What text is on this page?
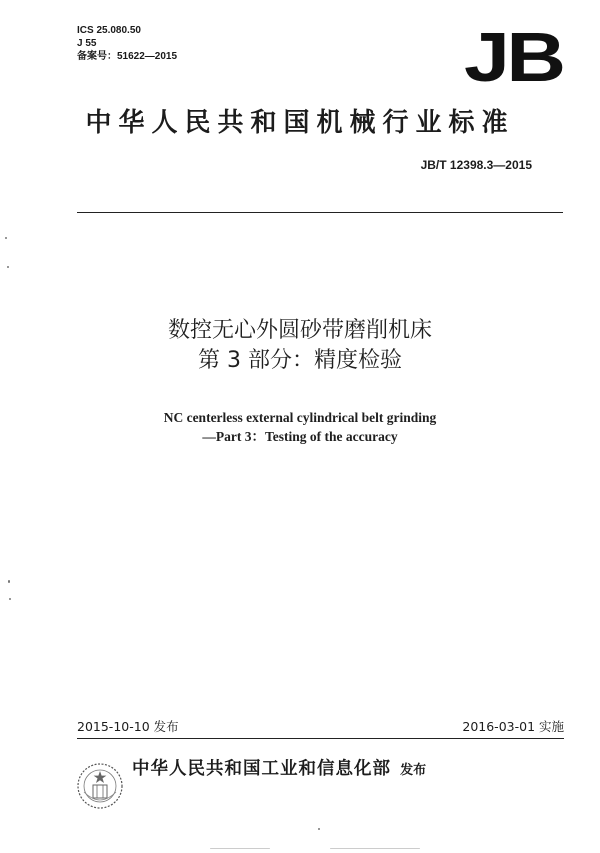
ICS 25.080.50
J 55
备案号：51622—2015	JB
中华人民共和国机械行业标准
JB/T 12398.3—2015
数控无心外圆砂带磨削机床
第 3 部分：精度检验
NC centerless external cylindrical belt grinding
—Part 3：Testing of the accuracy
2015-10-10 发布	2016-03-01 实施
中华人民共和国工业和信息化部 发布
